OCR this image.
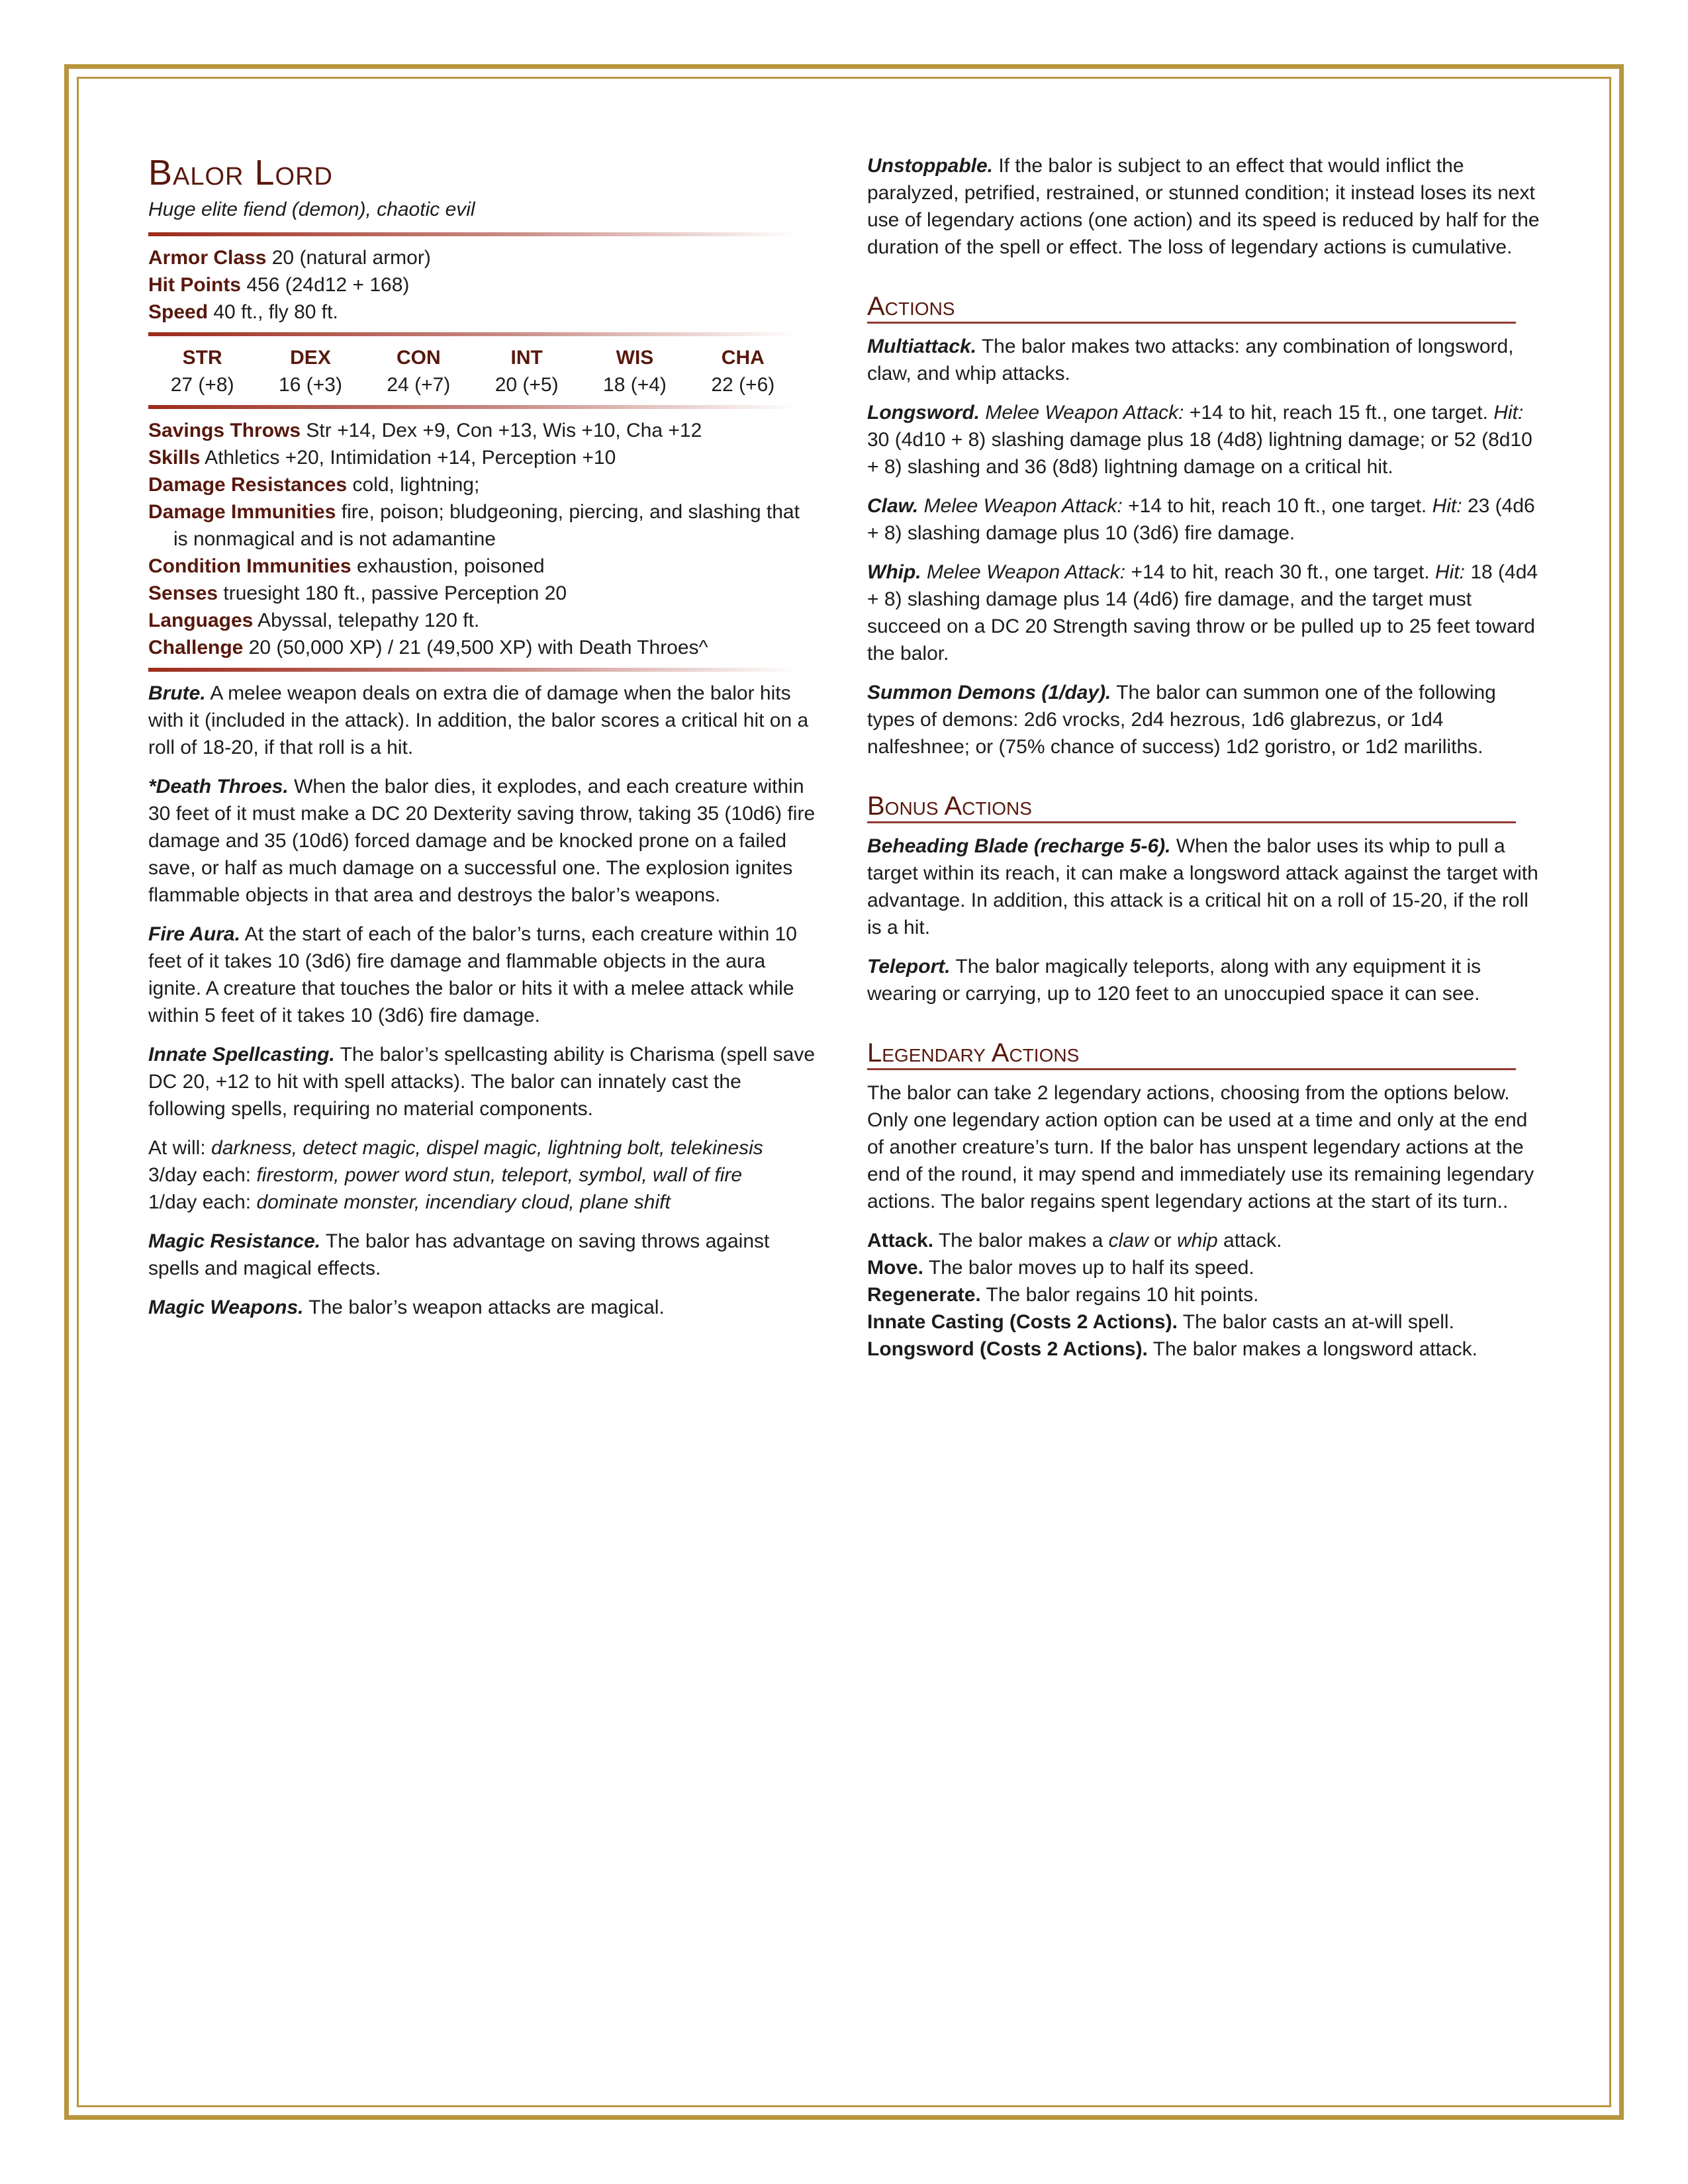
Balor Lord
Huge elite fiend (demon), chaotic evil
Armor Class 20 (natural armor)
Hit Points 456 (24d12 + 168)
Speed 40 ft., fly 80 ft.
STR
27 (+8)
DEX
16 (+3)
CON
24 (+7)
INT
20 (+5)
WIS
18 (+4)
CHA
22 (+6)
Savings Throws Str +14, Dex +9, Con +13, Wis +10, Cha +12
Skills Athletics +20, Intimidation +14, Perception +10
Damage Resistances cold, lightning;
Damage Immunities fire, poison; bludgeoning, piercing, and slashing that is nonmagical and is not adamantine
Condition Immunities exhaustion, poisoned
Senses truesight 180 ft., passive Perception 20
Languages Abyssal, telepathy 120 ft.
Challenge 20 (50,000 XP) / 21 (49,500 XP) with Death Throes^

Brute. A melee weapon deals on extra die of damage when the balor hits with it (included in the attack). In addition, the balor scores a critical hit on a roll of 18-20, if that roll is a hit.

*Death Throes. When the balor dies, it explodes, and each creature within 30 feet of it must make a DC 20 Dexterity saving throw, taking 35 (10d6) fire damage and 35 (10d6) forced damage and be knocked prone on a failed save, or half as much damage on a successful one. The explosion ignites flammable objects in that area and destroys the balor’s weapons.

Fire Aura. At the start of each of the balor’s turns, each creature within 10 feet of it takes 10 (3d6) fire damage and flammable objects in the aura ignite. A creature that touches the balor or hits it with a melee attack while within 5 feet of it takes 10 (3d6) fire damage.

Innate Spellcasting. The balor’s spellcasting ability is Charisma (spell save DC 20, +12 to hit with spell attacks). The balor can innately cast the following spells, requiring no material components.

At will: darkness, detect magic, dispel magic, lightning bolt, telekinesis
3/day each: firestorm, power word stun, teleport, symbol, wall of fire
1/day each: dominate monster, incendiary cloud, plane shift

Magic Resistance. The balor has advantage on saving throws against spells and magical effects.

Magic Weapons. The balor’s weapon attacks are magical.

Unstoppable. If the balor is subject to an effect that would inflict the paralyzed, petrified, restrained, or stunned condition; it instead loses its next use of legendary actions (one action) and its speed is reduced by half for the duration of the spell or effect. The loss of legendary actions is cumulative.

Actions

Multiattack. The balor makes two attacks: any combination of longsword, claw, and whip attacks.

Longsword. Melee Weapon Attack: +14 to hit, reach 15 ft., one target. Hit: 30 (4d10 + 8) slashing damage plus 18 (4d8) lightning damage; or 52 (8d10 + 8) slashing and 36 (8d8) lightning damage on a critical hit.

Claw. Melee Weapon Attack: +14 to hit, reach 10 ft., one target. Hit: 23 (4d6 + 8) slashing damage plus 10 (3d6) fire damage.

Whip. Melee Weapon Attack: +14 to hit, reach 30 ft., one target. Hit: 18 (4d4 + 8) slashing damage plus 14 (4d6) fire damage, and the target must succeed on a DC 20 Strength saving throw or be pulled up to 25 feet toward the balor.

Summon Demons (1/day). The balor can summon one of the following types of demons: 2d6 vrocks, 2d4 hezrous, 1d6 glabrezus, or 1d4 nalfeshnee; or (75% chance of success) 1d2 goristro, or 1d2 mariliths.

Bonus Actions

Beheading Blade (recharge 5-6). When the balor uses its whip to pull a target within its reach, it can make a longsword attack against the target with advantage. In addition, this attack is a critical hit on a roll of 15-20, if the roll is a hit.

Teleport. The balor magically teleports, along with any equipment it is wearing or carrying, up to 120 feet to an unoccupied space it can see.

Legendary Actions

The balor can take 2 legendary actions, choosing from the options below. Only one legendary action option can be used at a time and only at the end of another creature’s turn. If the balor has unspent legendary actions at the end of the round, it may spend and immediately use its remaining legendary actions. The balor regains spent legendary actions at the start of its turn..

Attack. The balor makes a claw or whip attack.

Move. The balor moves up to half its speed.

Regenerate. The balor regains 10 hit points.

Innate Casting (Costs 2 Actions). The balor casts an at-will spell.

Longsword (Costs 2 Actions). The balor makes a longsword attack.
